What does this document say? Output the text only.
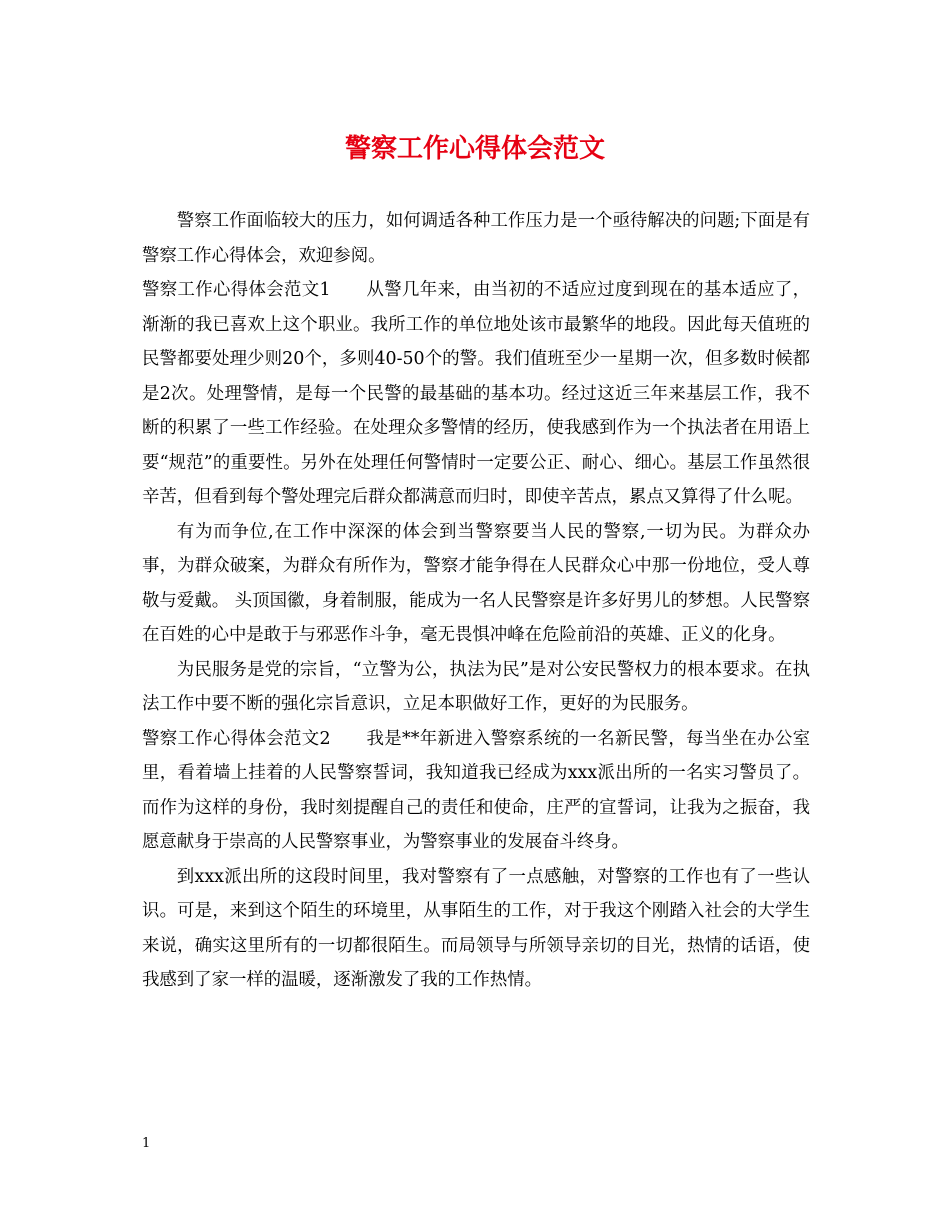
警察工作心得体会范文

警察工作面临较大的压力，如何调适各种工作压力是一个亟待解决的问题;下面是有警察工作心得体会，欢迎参阅。

警察工作心得体会范文1　　从警几年来，由当初的不适应过度到现在的基本适应了，渐渐的我已喜欢上这个职业。我所工作的单位地处该市最繁华的地段。因此每天值班的民警都要处理少则20个，多则40-50个的警。我们值班至少一星期一次，但多数时候都是2次。处理警情，是每一个民警的最基础的基本功。经过这近三年来基层工作，我不断的积累了一些工作经验。在处理众多警情的经历，使我感到作为一个执法者在用语上要“规范”的重要性。另外在处理任何警情时一定要公正、耐心、细心。基层工作虽然很辛苦，但看到每个警处理完后群众都满意而归时，即使辛苦点，累点又算得了什么呢。

有为而争位,在工作中深深的体会到当警察要当人民的警察,一切为民。为群众办事，为群众破案，为群众有所作为，警察才能争得在人民群众心中那一份地位，受人尊敬与爱戴。 头顶国徽，身着制服，能成为一名人民警察是许多好男儿的梦想。人民警察在百姓的心中是敢于与邪恶作斗争，毫无畏惧冲峰在危险前沿的英雄、正义的化身。

为民服务是党的宗旨，“立警为公，执法为民”是对公安民警权力的根本要求。在执法工作中要不断的强化宗旨意识，立足本职做好工作，更好的为民服务。

警察工作心得体会范文2　　我是**年新进入警察系统的一名新民警，每当坐在办公室里，看着墙上挂着的人民警察誓词，我知道我已经成为xxx派出所的一名实习警员了。而作为这样的身份，我时刻提醒自己的责任和使命，庄严的宣誓词，让我为之振奋，我愿意献身于崇高的人民警察事业，为警察事业的发展奋斗终身。

到xxx派出所的这段时间里，我对警察有了一点感触，对警察的工作也有了一些认识。可是，来到这个陌生的环境里，从事陌生的工作，对于我这个刚踏入社会的大学生来说，确实这里所有的一切都很陌生。而局领导与所领导亲切的目光，热情的话语，使我感到了家一样的温暖，逐渐激发了我的工作热情。

1
